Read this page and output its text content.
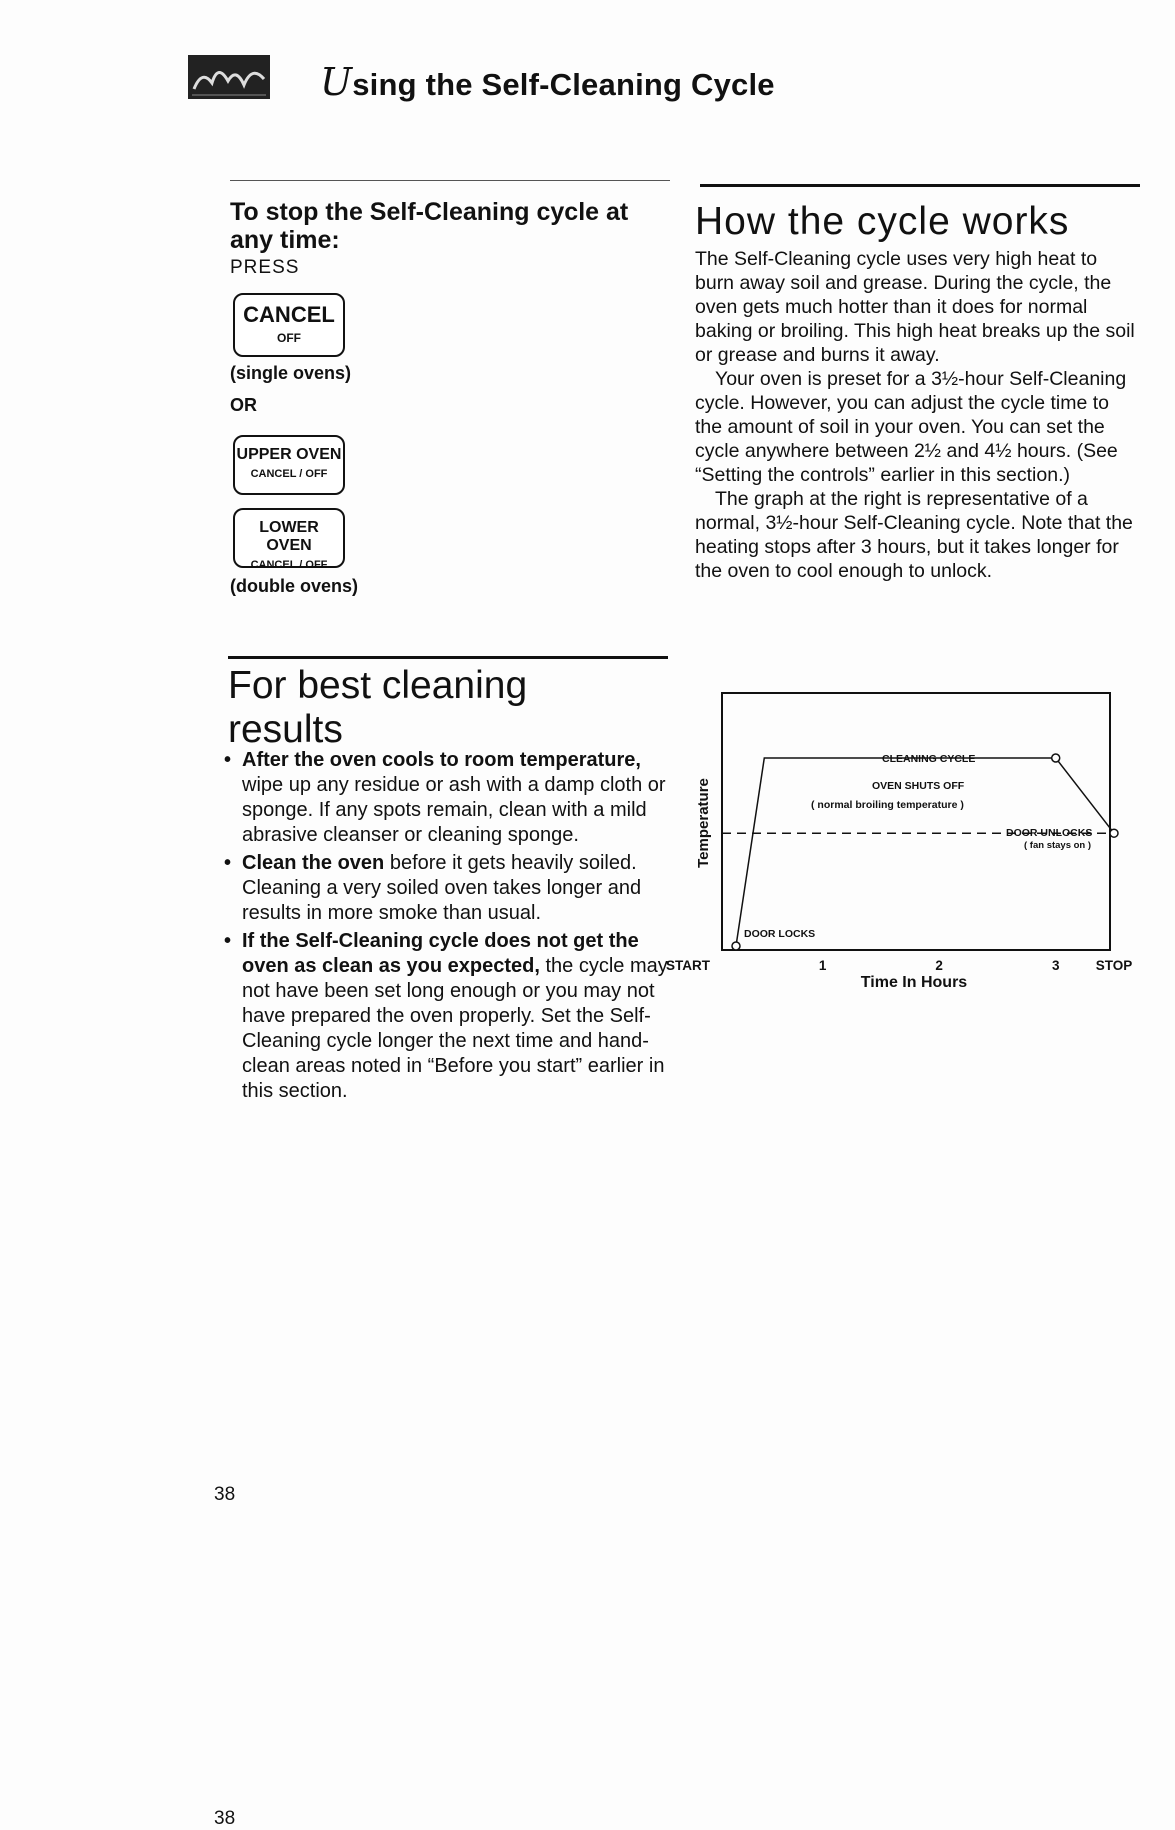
Using the Self-Cleaning Cycle
To stop the Self-Cleaning cycle at any time:
PRESS
CANCEL
OFF
(single ovens)
OR
UPPER OVEN
CANCEL / OFF
LOWER OVEN
CANCEL / OFF
(double ovens)
For best cleaning results
• After the oven cools to room temperature, wipe up any residue or ash with a damp cloth or sponge. If any spots remain, clean with a mild abrasive cleanser or cleaning sponge.
• Clean the oven before it gets heavily soiled. Cleaning a very soiled oven takes longer and results in more smoke than usual.
• If the Self-Cleaning cycle does not get the oven as clean as you expected, the cycle may not have been set long enough or you may not have prepared the oven properly. Set the Self-Cleaning cycle longer the next time and hand-clean areas noted in “Before you start” earlier in this section.
How the cycle works

The Self-Cleaning cycle uses very high heat to burn away soil and grease. During the cycle, the oven gets much hotter than it does for normal baking or broiling. This high heat breaks up the soil or grease and burns it away.

Your oven is preset for a 3½-hour Self-Cleaning cycle. However, you can adjust the cycle time to the amount of soil in your oven. You can set the cycle anywhere between 2½ and 4½ hours. (See “Setting the controls” earlier in this section.)

The graph at the right is representative of a normal, 3½-hour Self-Cleaning cycle. Note that the heating stops after 3 hours, but it takes longer for the oven to cool enough to unlock.

Temperature
CLEANING CYCLE
OVEN SHUTS OFF
( normal broiling temperature )
DOOR UNLOCKS
( fan stays on )
DOOR LOCKS
Time In Hours
START	1	2	3	STOP
38
38
